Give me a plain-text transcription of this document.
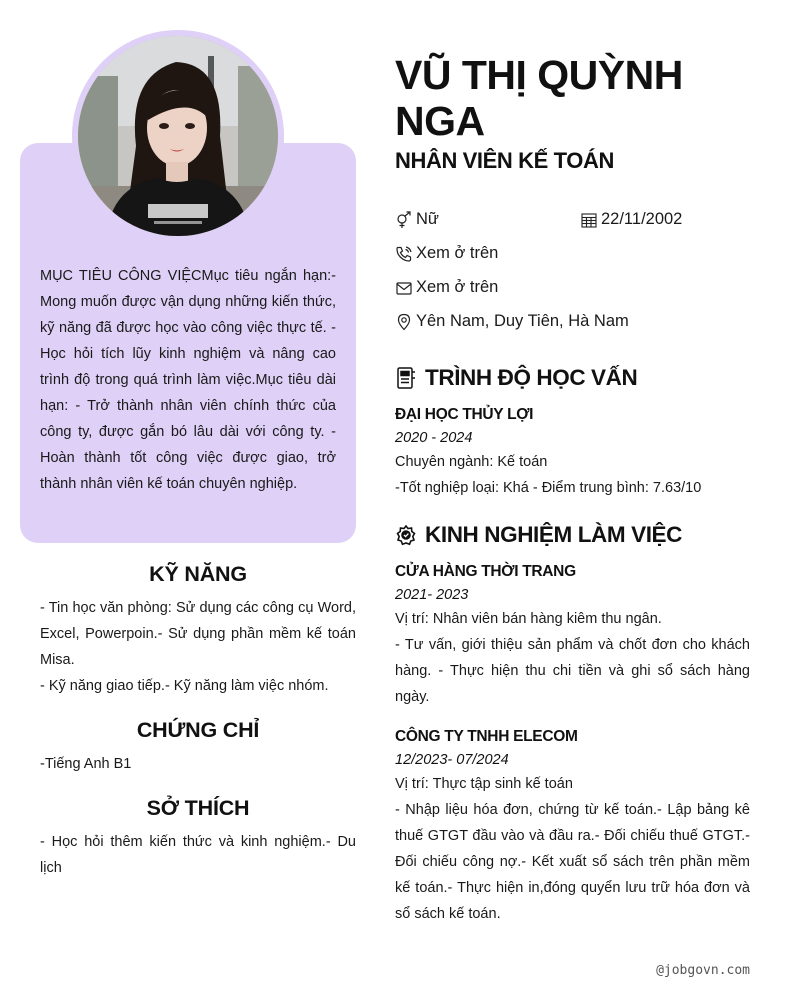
MỤC TIÊU CÔNG VIỆCMục tiêu ngắn hạn:- Mong muốn được vận dụng những kiến thức, kỹ năng đã được học vào công việc thực tế. - Học hỏi tích lũy kinh nghiệm và nâng cao trình độ trong quá trình làm việc.Mục tiêu dài hạn: - Trở thành nhân viên chính thức của công ty, được gắn bó lâu dài với công ty. - Hoàn thành tốt công việc được giao, trở thành nhân viên kế toán chuyên nghiệp.
KỸ NĂNG
- Tin học văn phòng: Sử dụng các công cụ Word, Excel, Powerpoin.- Sử dụng phần mềm kế toán Misa.
- Kỹ năng giao tiếp.- Kỹ năng làm việc nhóm.
CHỨNG CHỈ
-Tiếng Anh B1
SỞ THÍCH
- Học hỏi thêm kiến thức và kinh nghiệm.- Du lịch
VŨ THỊ QUỲNH NGA
NHÂN VIÊN KẾ TOÁN
Nữ	22/11/2002
Xem ở trên
Xem ở trên
Yên Nam, Duy Tiên, Hà Nam
TRÌNH ĐỘ HỌC VẤN
ĐẠI HỌC THỦY LỢI
2020 - 2024
Chuyên ngành: Kế toán
-Tốt nghiệp loại: Khá - Điểm trung bình: 7.63/10
KINH NGHIỆM LÀM VIỆC
CỬA HÀNG THỜI TRANG
2021- 2023
Vị trí: Nhân viên bán hàng kiêm thu ngân.
- Tư vấn, giới thiệu sản phẩm và chốt đơn cho khách hàng. - Thực hiện thu chi tiền và ghi sổ sách hàng ngày.
CÔNG TY TNHH ELECOM
12/2023- 07/2024
Vị trí: Thực tập sinh kế toán
- Nhập liệu hóa đơn, chứng từ kế toán.- Lập bảng kê thuế GTGT đầu vào và đầu ra.- Đối chiếu thuế GTGT.- Đối chiếu công nợ.- Kết xuất sổ sách trên phần mềm kế toán.- Thực hiện in,đóng quyển lưu trữ hóa đơn và sổ sách kế toán.
@jobgovn.com
